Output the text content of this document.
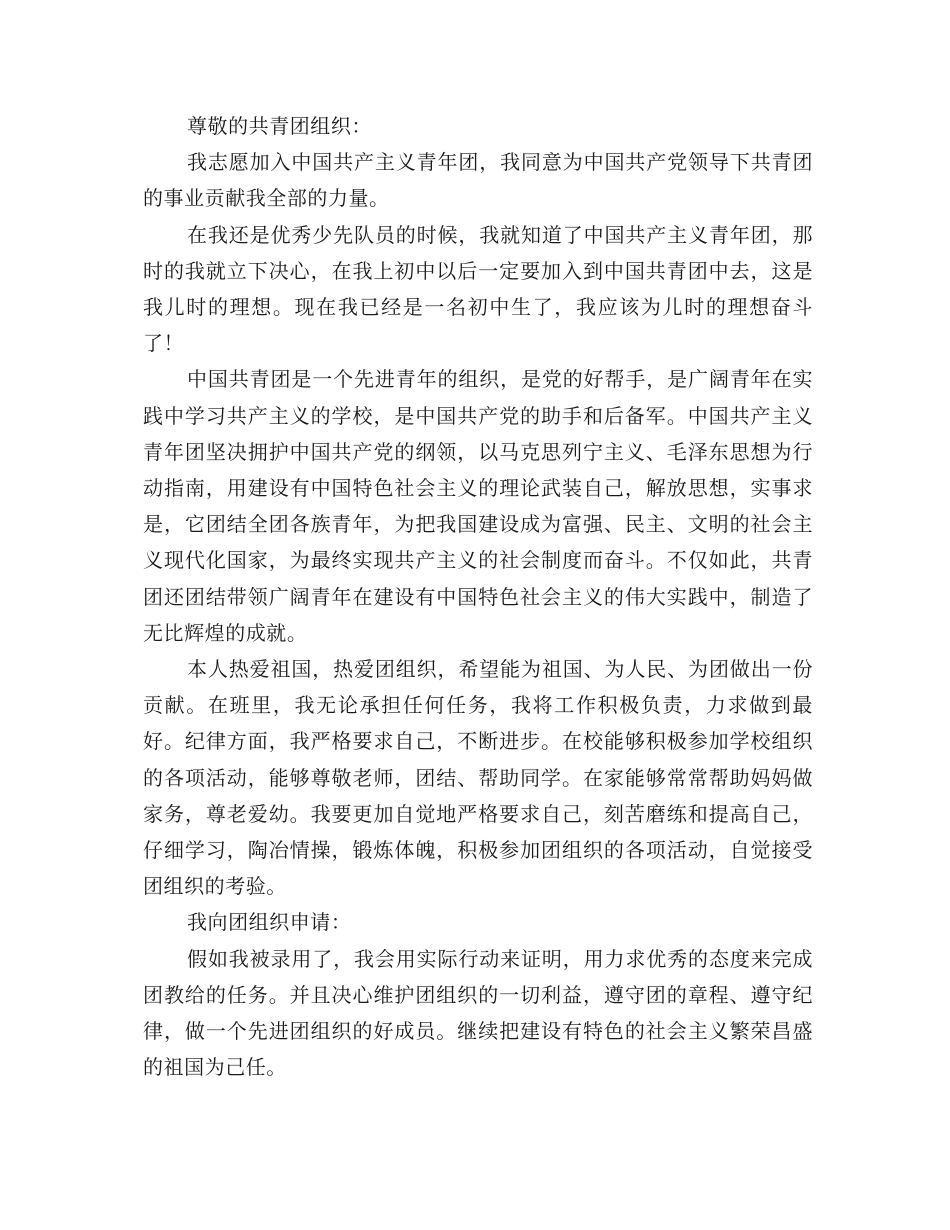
尊敬的共青团组织：

我志愿加入中国共产主义青年团，我同意为中国共产党领导下共青团的事业贡献我全部的力量。

在我还是优秀少先队员的时候，我就知道了中国共产主义青年团，那时的我就立下决心，在我上初中以后一定要加入到中国共青团中去，这是我儿时的理想。现在我已经是一名初中生了，我应该为儿时的理想奋斗了！

中国共青团是一个先进青年的组织，是党的好帮手，是广阔青年在实践中学习共产主义的学校，是中国共产党的助手和后备军。中国共产主义青年团坚决拥护中国共产党的纲领，以马克思列宁主义、毛泽东思想为行动指南，用建设有中国特色社会主义的理论武装自己，解放思想，实事求是，它团结全团各族青年，为把我国建设成为富强、民主、文明的社会主义现代化国家，为最终实现共产主义的社会制度而奋斗。不仅如此，共青团还团结带领广阔青年在建设有中国特色社会主义的伟大实践中，制造了无比辉煌的成就。

本人热爱祖国，热爱团组织，希望能为祖国、为人民、为团做出一份贡献。在班里，我无论承担任何任务，我将工作积极负责，力求做到最好。纪律方面，我严格要求自己，不断进步。在校能够积极参加学校组织的各项活动，能够尊敬老师，团结、帮助同学。在家能够常常帮助妈妈做家务，尊老爱幼。我要更加自觉地严格要求自己，刻苦磨练和提高自己，仔细学习，陶冶情操，锻炼体魄，积极参加团组织的各项活动，自觉接受团组织的考验。

我向团组织申请：

假如我被录用了，我会用实际行动来证明，用力求优秀的态度来完成团教给的任务。并且决心维护团组织的一切利益，遵守团的章程、遵守纪律，做一个先进团组织的好成员。继续把建设有特色的社会主义繁荣昌盛的祖国为己任。
